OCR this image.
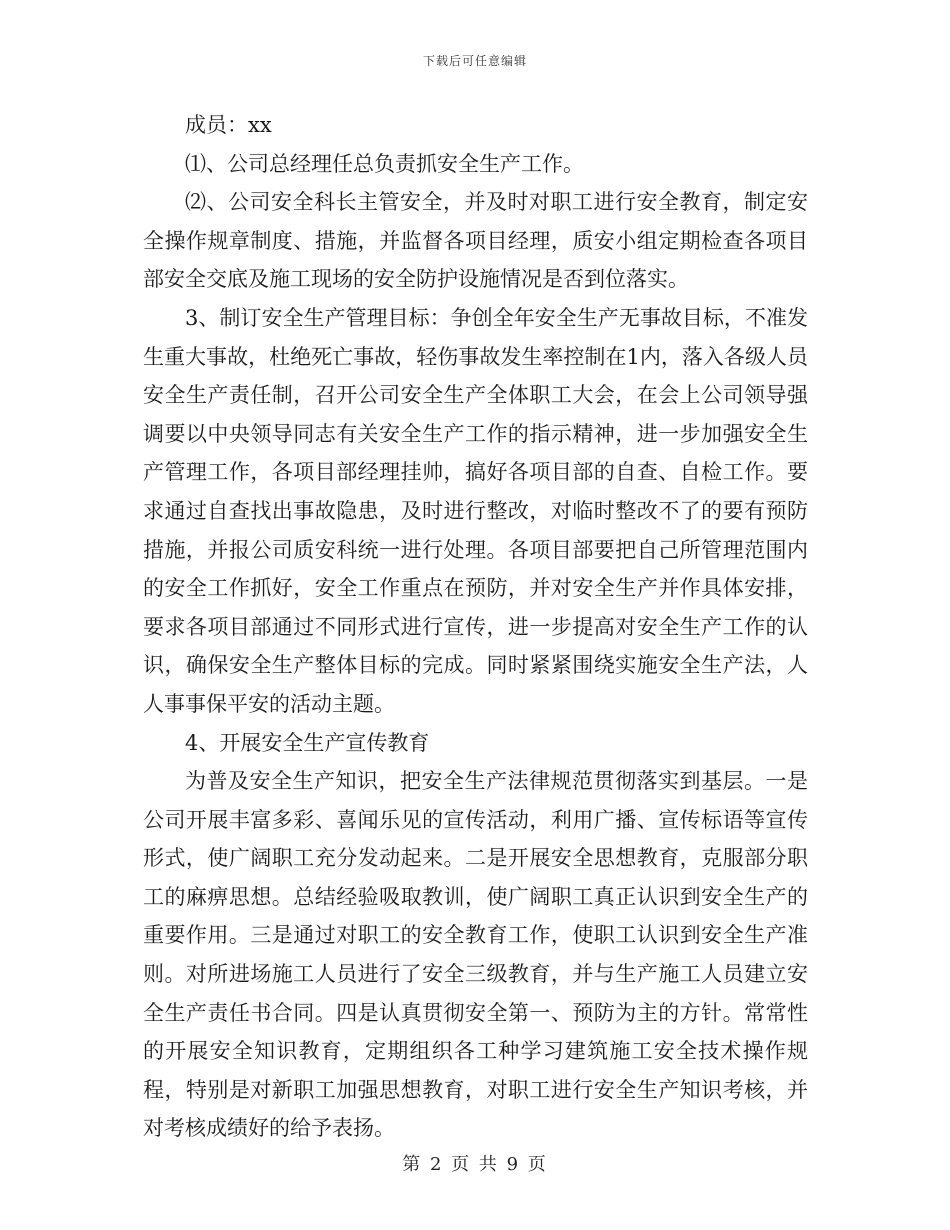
下载后可任意编辑

成员：xx

⑴、公司总经理任总负责抓安全生产工作。

⑵、公司安全科长主管安全，并及时对职工进行安全教育，制定安全操作规章制度、措施，并监督各项目经理，质安小组定期检查各项目部安全交底及施工现场的安全防护设施情况是否到位落实。

3、制订安全生产管理目标：争创全年安全生产无事故目标，不准发生重大事故，杜绝死亡事故，轻伤事故发生率控制在1内，落入各级人员安全生产责任制，召开公司安全生产全体职工大会，在会上公司领导强调要以中央领导同志有关安全生产工作的指示精神，进一步加强安全生产管理工作，各项目部经理挂帅，搞好各项目部的自查、自检工作。要求通过自查找出事故隐患，及时进行整改，对临时整改不了的要有预防措施，并报公司质安科统一进行处理。各项目部要把自己所管理范围内的安全工作抓好，安全工作重点在预防，并对安全生产并作具体安排，要求各项目部通过不同形式进行宣传，进一步提高对安全生产工作的认识，确保安全生产整体目标的完成。同时紧紧围绕实施安全生产法，人人事事保平安的活动主题。

4、开展安全生产宣传教育

为普及安全生产知识，把安全生产法律规范贯彻落实到基层。一是公司开展丰富多彩、喜闻乐见的宣传活动，利用广播、宣传标语等宣传形式，使广阔职工充分发动起来。二是开展安全思想教育，克服部分职工的麻痹思想。总结经验吸取教训，使广阔职工真正认识到安全生产的重要作用。三是通过对职工的安全教育工作，使职工认识到安全生产准则。对所进场施工人员进行了安全三级教育，并与生产施工人员建立安全生产责任书合同。四是认真贯彻安全第一、预防为主的方针。常常性的开展安全知识教育，定期组织各工种学习建筑施工安全技术操作规程，特别是对新职工加强思想教育，对职工进行安全生产知识考核，并对考核成绩好的给予表扬。

第 2 页 共 9 页
